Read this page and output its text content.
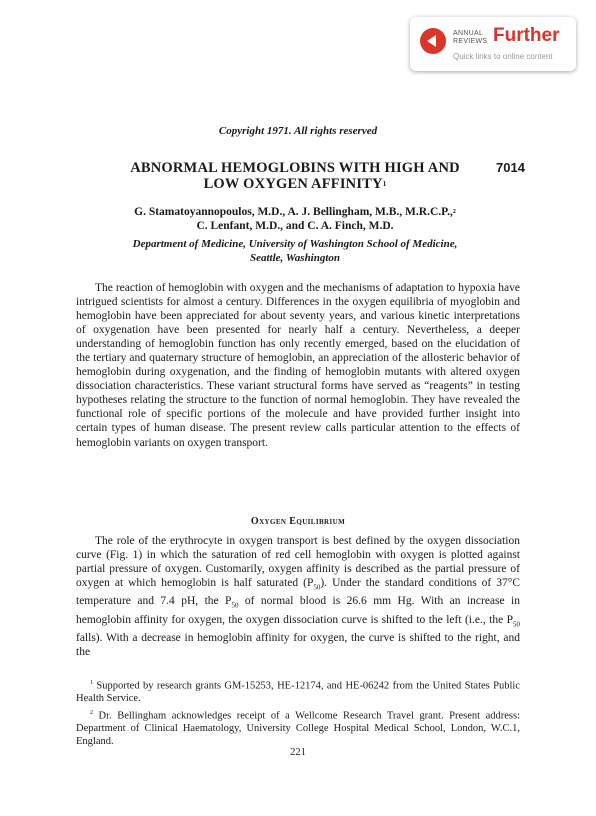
ANNUAL
REVIEWS Further
Quick links to online content
Copyright 1971. All rights reserved
ABNORMAL HEMOGLOBINS WITH HIGH AND
LOW OXYGEN AFFINITY$^1$
7014
G. Stamatoyannopoulos, M.D., A. J. Bellingham, M.B., M.R.C.P.,$^2$
C. Lenfant, M.D., and C. A. Finch, M.D.
Department of Medicine, University of Washington School of Medicine,
Seattle, Washington

The reaction of hemoglobin with oxygen and the mechanisms of adaptation to hypoxia have intrigued scientists for almost a century. Differences in the oxygen equilibria of myoglobin and hemoglobin have been appreciated for about seventy years, and various kinetic interpretations of oxygenation have been presented for nearly half a century. Nevertheless, a deeper understanding of hemoglobin function has only recently emerged, based on the elucidation of the tertiary and quaternary structure of hemoglobin, an appreciation of the allosteric behavior of hemoglobin during oxygenation, and the finding of hemoglobin mutants with altered oxygen dissociation characteristics. These variant structural forms have served as “reagents” in testing hypotheses relating the structure to the function of normal hemoglobin. They have revealed the functional role of specific portions of the molecule and have provided further insight into certain types of human disease. The present review calls particular attention to the effects of hemoglobin variants on oxygen transport.

Oxygen Equilibrium

The role of the erythrocyte in oxygen transport is best defined by the oxygen dissociation curve (Fig. 1) in which the saturation of red cell hemoglobin with oxygen is plotted against partial pressure of oxygen. Customarily, oxygen affinity is described as the partial pressure of oxygen at which hemoglobin is half saturated $(P_{50})$. Under the standard conditions of 37°C temperature and 7.4 pH, the $P_{50}$ of normal blood is 26.6 mm Hg. With an increase in hemoglobin affinity for oxygen, the oxygen dissociation curve is shifted to the left (i.e., the $P_{50}$ falls). With a decrease in hemoglobin affinity for oxygen, the curve is shifted to the right, and the

$^1$ Supported by research grants GM-15253, HE-12174, and HE-06242 from the United States Public Health Service.

$^2$ Dr. Bellingham acknowledges receipt of a Wellcome Research Travel grant. Present address: Department of Clinical Haematology, University College Hospital Medical School, London, W.C.1, England.

221
